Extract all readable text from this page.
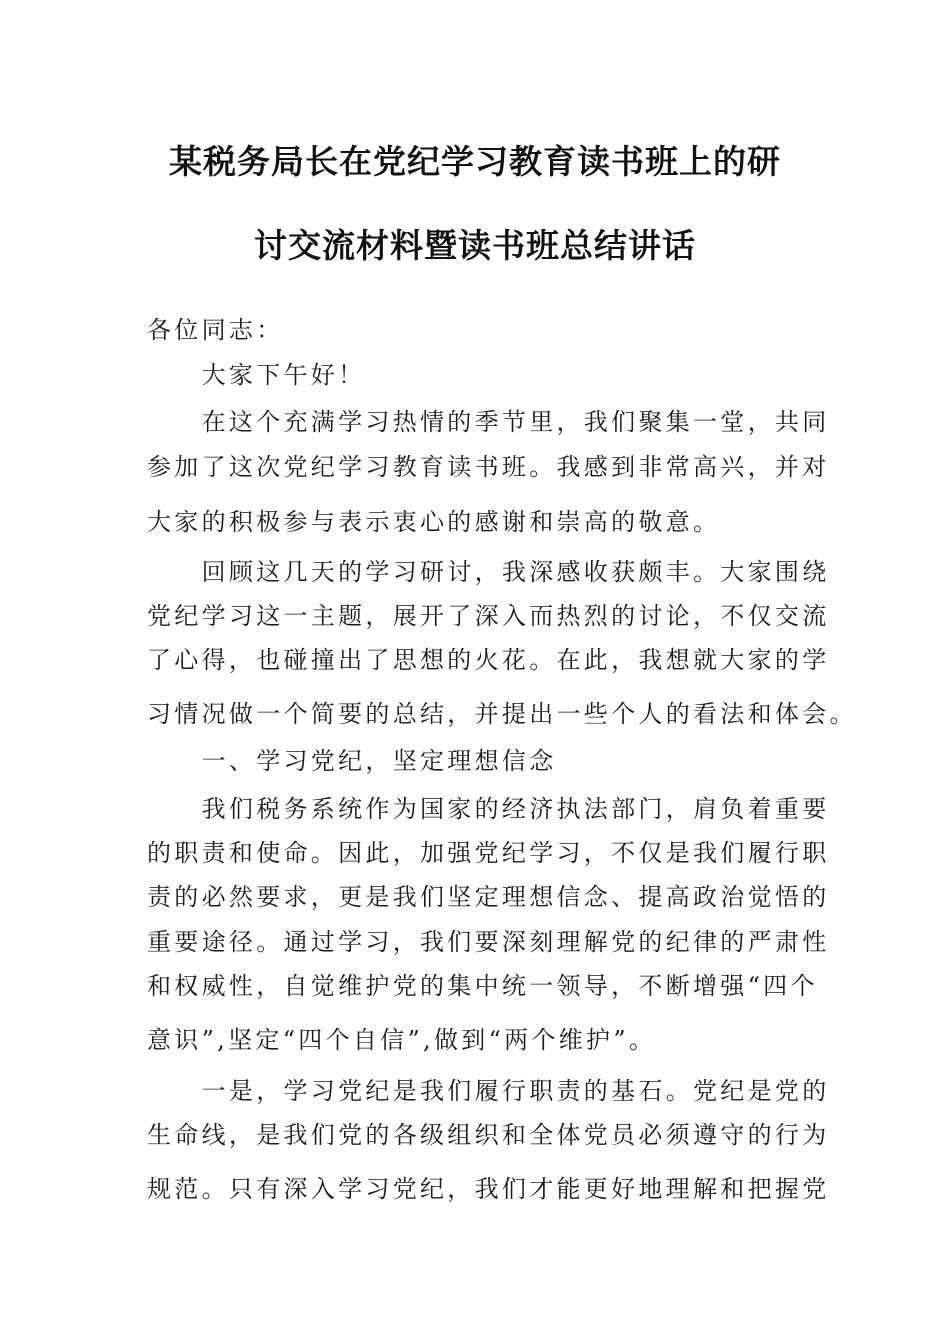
某税务局长在党纪学习教育读书班上的研
讨交流材料暨读书班总结讲话
各位同志：
　　大家下午好！
　　在这个充满学习热情的季节里，我们聚集一堂，共同
参加了这次党纪学习教育读书班。我感到非常高兴，并对
大家的积极参与表示衷心的感谢和崇高的敬意。
　　回顾这几天的学习研讨，我深感收获颇丰。大家围绕
党纪学习这一主题，展开了深入而热烈的讨论，不仅交流
了心得，也碰撞出了思想的火花。在此，我想就大家的学
习情况做一个简要的总结，并提出一些个人的看法和体会。
　　一、学习党纪，坚定理想信念
　　我们税务系统作为国家的经济执法部门，肩负着重要
的职责和使命。因此，加强党纪学习，不仅是我们履行职
责的必然要求，更是我们坚定理想信念、提高政治觉悟的
重要途径。通过学习，我们要深刻理解党的纪律的严肃性
和权威性，自觉维护党的集中统一领导，不断增强“四个
意识”,坚定“四个自信”,做到“两个维护”。
　　一是，学习党纪是我们履行职责的基石。党纪是党的
生命线，是我们党的各级组织和全体党员必须遵守的行为
规范。只有深入学习党纪，我们才能更好地理解和把握党
